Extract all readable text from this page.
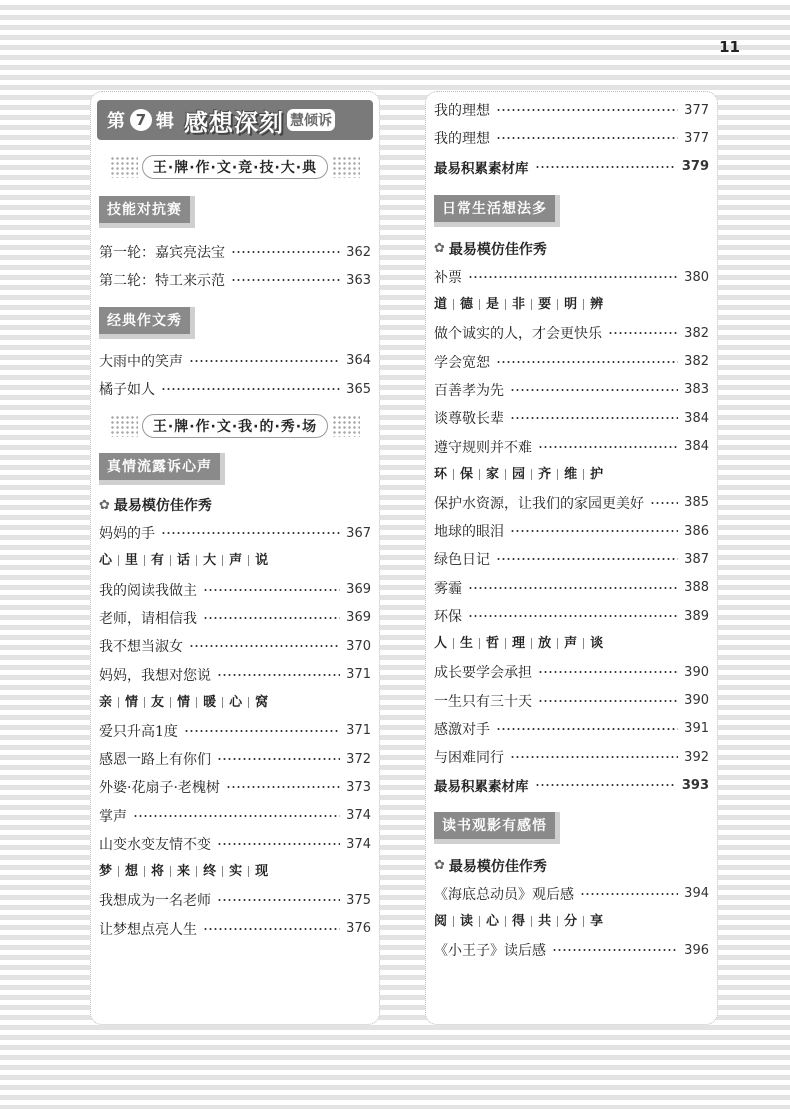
11
第 7 辑 感想深刻 慧倾诉
王·牌·作·文·竞·技·大·典
技能对抗赛
第一轮：嘉宾亮法宝	362
第二轮：特工来示范	363
经典作文秀
大雨中的笑声	364
橘子如人	365
王·牌·作·文·我·的·秀·场
真情流露诉心声
✿ 最易模仿佳作秀
妈妈的手	367
心 里 有 话 大 声 说
我的阅读我做主	369
老师，请相信我	369
我不想当淑女	370
妈妈，我想对您说	371
亲 情 友 情 暖 心 窝
爱只升高1度	371
感恩一路上有你们	372
外婆·花扇子·老槐树	373
掌声	374
山变水变友情不变	374
梦 想 将 来 终 实 现
我想成为一名老师	375
让梦想点亮人生	376
我的理想	377
我的理想	377
最易积累素材库	379
日常生活想法多
✿ 最易模仿佳作秀
补票	380
道 德 是 非 要 明 辨
做个诚实的人，才会更快乐	382
学会宽恕	382
百善孝为先	383
谈尊敬长辈	384
遵守规则并不难	384
环 保 家 园 齐 维 护
保护水资源，让我们的家园更美好	385
地球的眼泪	386
绿色日记	387
雾霾	388
环保	389
人 生 哲 理 放 声 谈
成长要学会承担	390
一生只有三十天	390
感激对手	391
与困难同行	392
最易积累素材库	393
读书观影有感悟
✿ 最易模仿佳作秀
《海底总动员》观后感	394
阅 读 心 得 共 分 享
《小王子》读后感	396
